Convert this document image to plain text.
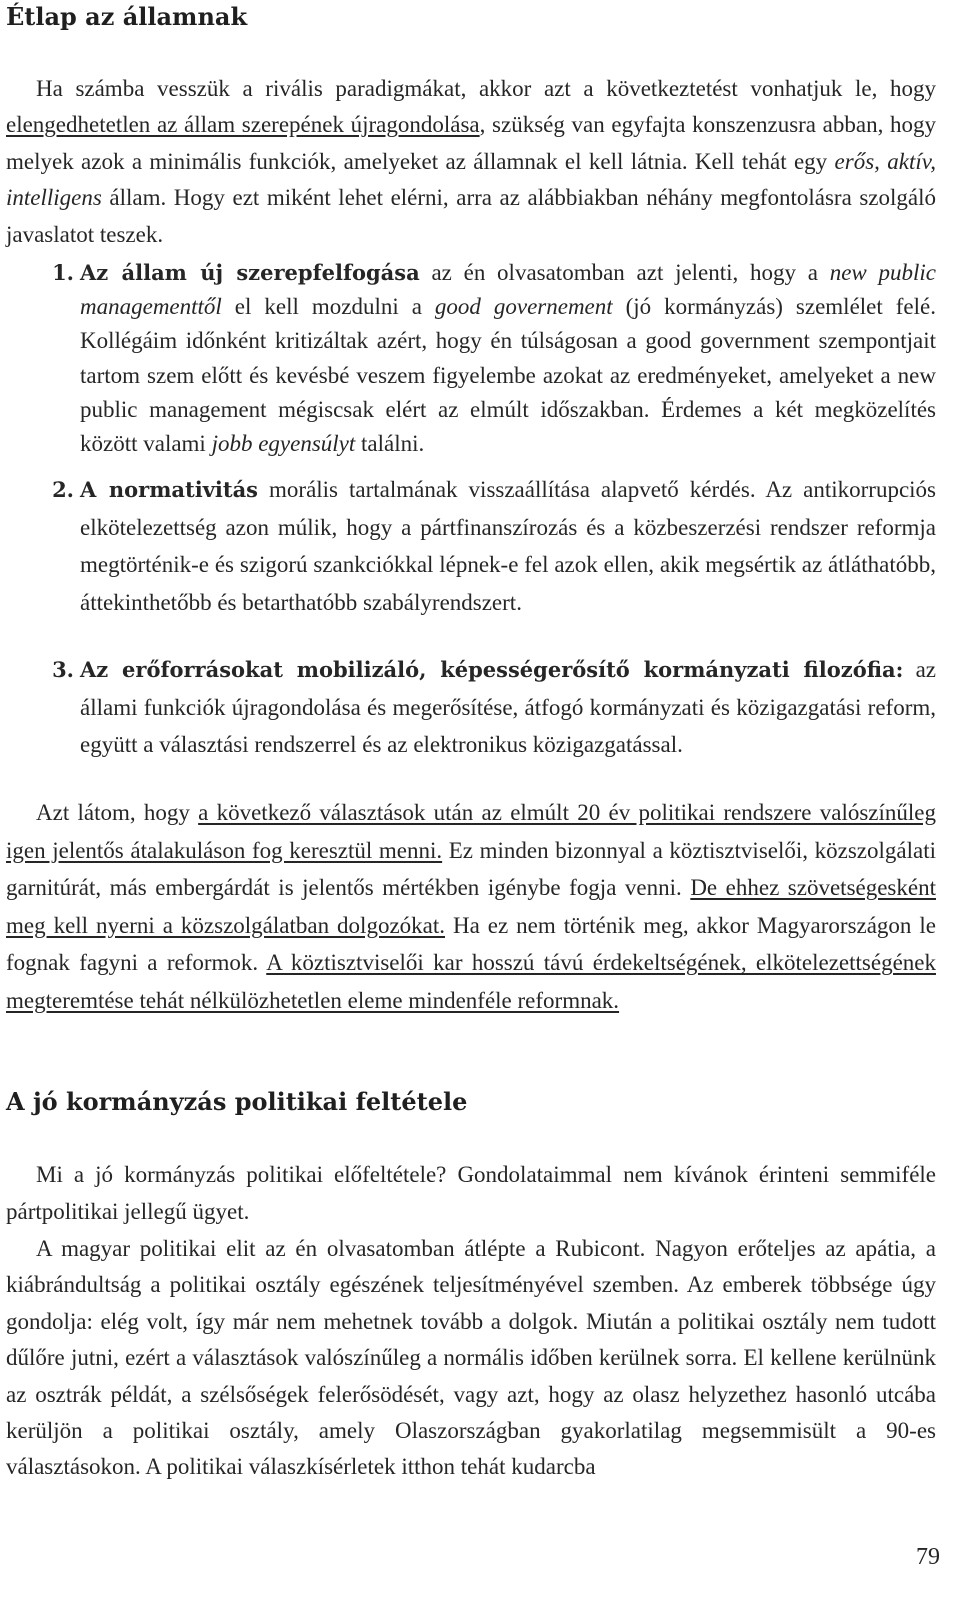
Étlap az államnak

Ha számba vesszük a rivális paradigmákat, akkor azt a következtetést vonhatjuk le, hogy elengedhetetlen az állam szerepének újragondolása, szükség van egyfajta konszenzusra abban, hogy melyek azok a minimális funkciók, amelyeket az államnak el kell látnia. Kell tehát egy erős, aktív, intelligens állam. Hogy ezt miként lehet elérni, arra az alábbiakban néhány megfontolásra szolgáló javaslatot teszek.

1. Az állam új szerepfelfogása az én olvasatomban azt jelenti, hogy a new public managementtől el kell mozdulni a good governement (jó kormányzás) szemlélet felé. Kollégáim időnként kritizáltak azért, hogy én túlságosan a good government szempontjait tartom szem előtt és kevésbé veszem figyelembe azokat az eredményeket, amelyeket a new public management mégiscsak elért az elmúlt időszakban. Érdemes a két megközelítés között valami jobb egyensúlyt találni.
2. A normativitás morális tartalmának visszaállítása alapvető kérdés. Az antikorrupciós elkötelezettség azon múlik, hogy a pártfinanszírozás és a közbeszerzési rendszer reformja megtörténik-e és szigorú szankciókkal lépnek-e fel azok ellen, akik megsértik az átláthatóbb, áttekinthetőbb és betarthatóbb szabályrendszert.
3. Az erőforrásokat mobilizáló, képességerősítő kormányzati filozófia: az állami funkciók újragondolása és megerősítése, átfogó kormányzati és közigazgatási reform, együtt a választási rendszerrel és az elektronikus közigazgatással.

Azt látom, hogy a következő választások után az elmúlt 20 év politikai rendszere valószínűleg igen jelentős átalakuláson fog keresztül menni. Ez minden bizonnyal a köztisztviselői, közszolgálati garnitúrát, más embergárdát is jelentős mértékben igénybe fogja venni. De ehhez szövetségesként meg kell nyerni a közszolgálatban dolgozókat. Ha ez nem történik meg, akkor Magyarországon le fognak fagyni a reformok. A köztisztviselői kar hosszú távú érdekeltségének, elkötelezettségének megteremtése tehát nélkülözhetetlen eleme mindenféle reformnak.

A jó kormányzás politikai feltétele

Mi a jó kormányzás politikai előfeltétele? Gondolataimmal nem kívánok érinteni semmiféle pártpolitikai jellegű ügyet.

A magyar politikai elit az én olvasatomban átlépte a Rubicont. Nagyon erőteljes az apátia, a kiábrándultság a politikai osztály egészének teljesítményével szemben. Az emberek többsége úgy gondolja: elég volt, így már nem mehetnek tovább a dolgok. Miután a politikai osztály nem tudott dűlőre jutni, ezért a választások valószínűleg a normális időben kerülnek sorra. El kellene kerülnünk az osztrák példát, a szélsőségek felerősödését, vagy azt, hogy az olasz helyzethez hasonló utcába kerüljön a politikai osztály, amely Olaszországban gyakorlatilag megsemmisült a 90-es választásokon. A politikai válaszkísérletek itthon tehát kudarcba

79
